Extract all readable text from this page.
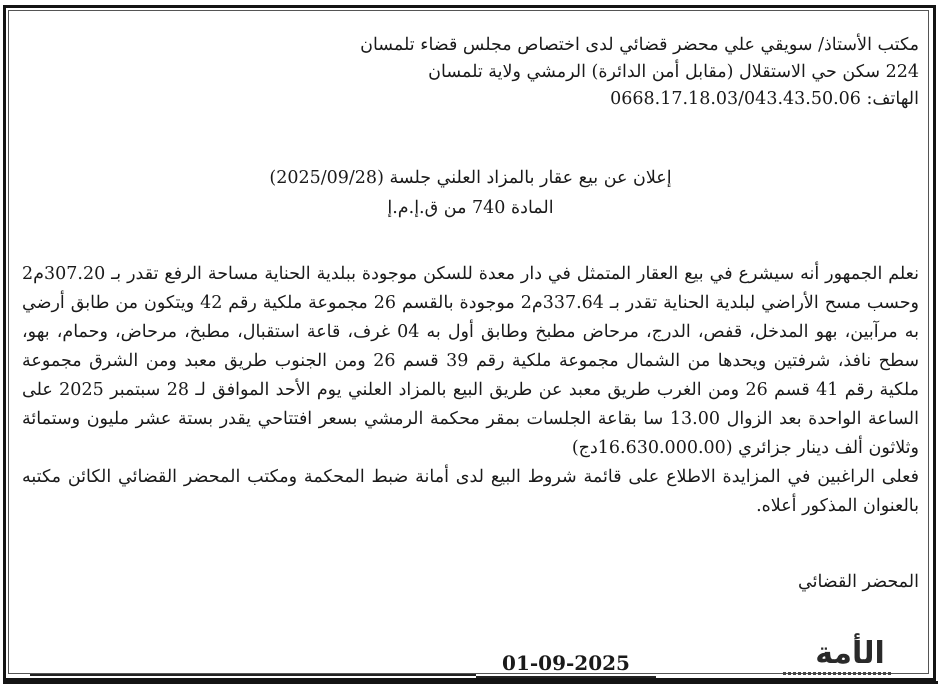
مكتب الأستاذ/ سويقي علي محضر قضائي لدى اختصاص مجلس قضاء تلمسان
224 سكن حي الاستقلال (مقابل أمن الدائرة) الرمشي ولاية تلمسان
الهاتف: 0668.17.18.03/043.43.50.06
إعلان عن بيع عقار بالمزاد العلني جلسة (2025/09/28)
المادة 740 من ق.إ.م.إ

نعلم الجمهور أنه سيشرع في بيع العقار المتمثل في دار معدة للسكن موجودة ببلدية الحناية مساحة الرفع تقدر بـ 307.20م2 وحسب مسح الأراضي لبلدية الحناية تقدر بـ 337.64م2 موجودة بالقسم 26 مجموعة ملكية رقم 42 ويتكون من طابق أرضي به مرآبين، بهو المدخل، قفص، الدرج، مرحاض مطبخ وطابق أول به 04 غرف، قاعة استقبال، مطبخ، مرحاض، وحمام، بهو، سطح نافذ، شرفتين ويحدها من الشمال مجموعة ملكية رقم 39 قسم 26 ومن الجنوب طريق معبد ومن الشرق مجموعة ملكية رقم 41 قسم 26 ومن الغرب طريق معبد عن طريق البيع بالمزاد العلني يوم الأحد الموافق لـ 28 سبتمبر 2025 على الساعة الواحدة بعد الزوال 13.00 سا بقاعة الجلسات بمقر محكمة الرمشي بسعر افتتاحي يقدر بستة عشر مليون وستمائة وثلاثون ألف دينار جزائري (16.630.000.00دج)

فعلى الراغبين في المزايدة الاطلاع على قائمة شروط البيع لدى أمانة ضبط المحكمة ومكتب المحضر القضائي الكائن مكتبه بالعنوان المذكور أعلاه.

المحضر القضائي
01-09-2025	الأمة
